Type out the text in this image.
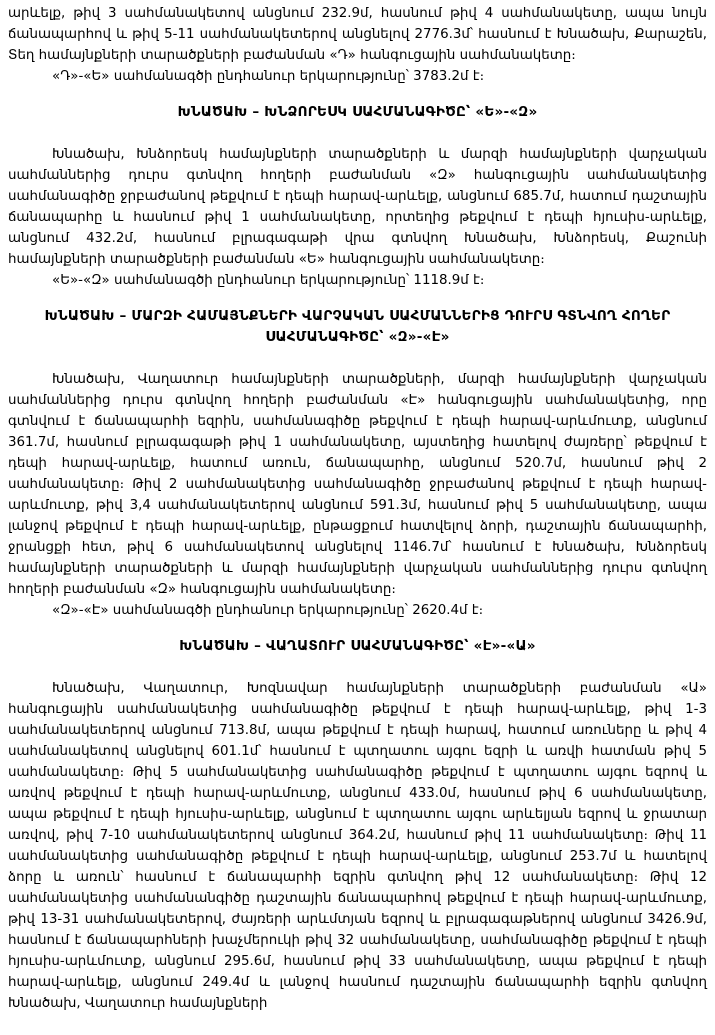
արևելք, թիվ 3 սահմանակետով անցնում 232.9մ, հասնում թիվ 4 սահմանակետը, ապա նույն ճանապարհով և թիվ 5-11 սահմանակետերով անցնելով 2776.3մ՝ հասնում է Խնածախ, Քարաշեն, Տեղ համայնքների տարածքների բաժանման «Դ» հանգուցային սահմանակետը։

«Դ»-«Ե» սահմանագծի ընդհանուր երկարությունը՝ 3783.2մ է։

ԽՆԱԾԱԽ – ԽՆՁՈՐԵՍԿ ՍԱՀՄԱՆԱԳԻԾԸ՝ «Ե»-«Զ»

Խնածախ, Խնձորեսկ համայնքների տարածքների և մարզի համայնքների վարչական սահմաններից դուրս գտնվող հողերի բաժանման «Զ» հանգուցային սահմանակետից սահմանագիծը ջրբաժանով թեքվում է դեպի հարավ-արևելք, անցնում 685.7մ, հատում դաշտային ճանապարհը և հասնում թիվ 1 սահմանակետը, որտեղից թեքվում է դեպի հյուսիս-արևելք, անցնում 432.2մ, հասնում բլրագագաթի վրա գտնվող Խնածախ, Խնձորեսկ, Քաշունի համայնքների տարածքների բաժանման «Ե» հանգուցային սահմանակետը։

«Ե»-«Զ» սահմանագծի ընդհանուր երկարությունը՝ 1118.9մ է։

ԽՆԱԾԱԽ – ՄԱՐԶԻ ՀԱՄԱՅՆՔՆԵՐԻ ՎԱՐՉԱԿԱՆ ՍԱՀՄԱՆՆԵՐԻՑ ԴՈՒՐՍ ԳՏՆՎՈՂ ՀՈՂԵՐ ՍԱՀՄԱՆԱԳԻԾԸ՝ «Զ»-«Է»

Խնածախ, Վաղատուր համայնքների տարածքների, մարզի համայնքների վարչական սահմաններից դուրս գտնվող հողերի բաժանման «Է» հանգուցային սահմանակետից, որը գտնվում է ճանապարհի եզրին, սահմանագիծը թեքվում է դեպի հարավ-արևմուտք, անցնում 361.7մ, հասնում բլրագագաթի թիվ 1 սահմանակետը, այստեղից հատելով ժայռերը՝ թեքվում է դեպի հարավ-արևելք, հատում առուն, ճանապարհը, անցնում 520.7մ, հասնում թիվ 2 սահմանակետը։ Թիվ 2 սահմանակետից սահմանագիծը ջրբաժանով թեքվում է դեպի հարավ-արևմուտք, թիվ 3,4 սահմանակետերով անցնում 591.3մ, հասնում թիվ 5 սահմանակետը, ապա լանջով թեքվում է դեպի հարավ-արևելք, ընթացքում հատվելով ձորի, դաշտային ճանապարհի, ջրանցքի հետ, թիվ 6 սահմանակետով անցնելով 1146.7մ՝ հասնում է Խնածախ, Խնձորեսկ համայնքների տարածքների և մարզի համայնքների վարչական սահմաններից դուրս գտնվող հողերի բաժանման «Զ» հանգուցային սահմանակետը։

«Զ»-«Է» սահմանագծի ընդհանուր երկարությունը՝ 2620.4մ է։

ԽՆԱԾԱԽ – ՎԱՂԱՏՈՒՐ ՍԱՀՄԱՆԱԳԻԾԸ՝ «Է»-«Ա»

Խնածախ, Վաղատուր, Խոզնավար համայնքների տարածքների բաժանման «Ա» հանգուցային սահմանակետից սահմանագիծը թեքվում է դեպի հարավ-արևելք, թիվ 1-3 սահմանակետերով անցնում 713.8մ, ապա թեքվում է դեպի հարավ, հատում առուները և թիվ 4 սահմանակետով անցնելով 601.1մ՝ հասնում է պտղատու այգու եզրի և առվի հատման թիվ 5 սահմանակետը։ Թիվ 5 սահմանակետից սահմանագիծը թեքվում է պտղատու այգու եզրով և առվով թեքվում է դեպի հարավ-արևմուտք, անցնում 433.0մ, հասնում թիվ 6 սահմանակետը, ապա թեքվում է դեպի հյուսիս-արևելք, անցնում է պտղատու այգու արևելյան եզրով և ջրատար առվով, թիվ 7-10 սահմանակետերով անցնում 364.2մ, հասնում թիվ 11 սահմանակետը։ Թիվ 11 սահմանակետից սահմանագիծը թեքվում է դեպի հարավ-արևելք, անցնում 253.7մ և հատելով ձորը և առուն՝ հասնում է ճանապարհի եզրին գտնվող թիվ 12 սահմանակետը։ Թիվ 12 սահմանակետից սահմանանգիծը դաշտային ճանապարհով թեքվում է դեպի հարավ-արևմուտք, թիվ 13-31 սահմանակետերով, ժայռերի արևմտյան եզրով և բլրագագաթներով անցնում 3426.9մ, հասնում է ճանապարհների խաչմերուկի թիվ 32 սահմանակետը, սահմանագիծը թեքվում է դեպի հյուսիս-արևմուտք, անցնում 295.6մ, հասնում թիվ 33 սահմանակետը, ապա թեքվում է դեպի հարավ-արևելք, անցնում 249.4մ և լանջով հասնում դաշտային ճանապարհի եզրին գտնվող Խնածախ, Վաղատուր համայնքների
